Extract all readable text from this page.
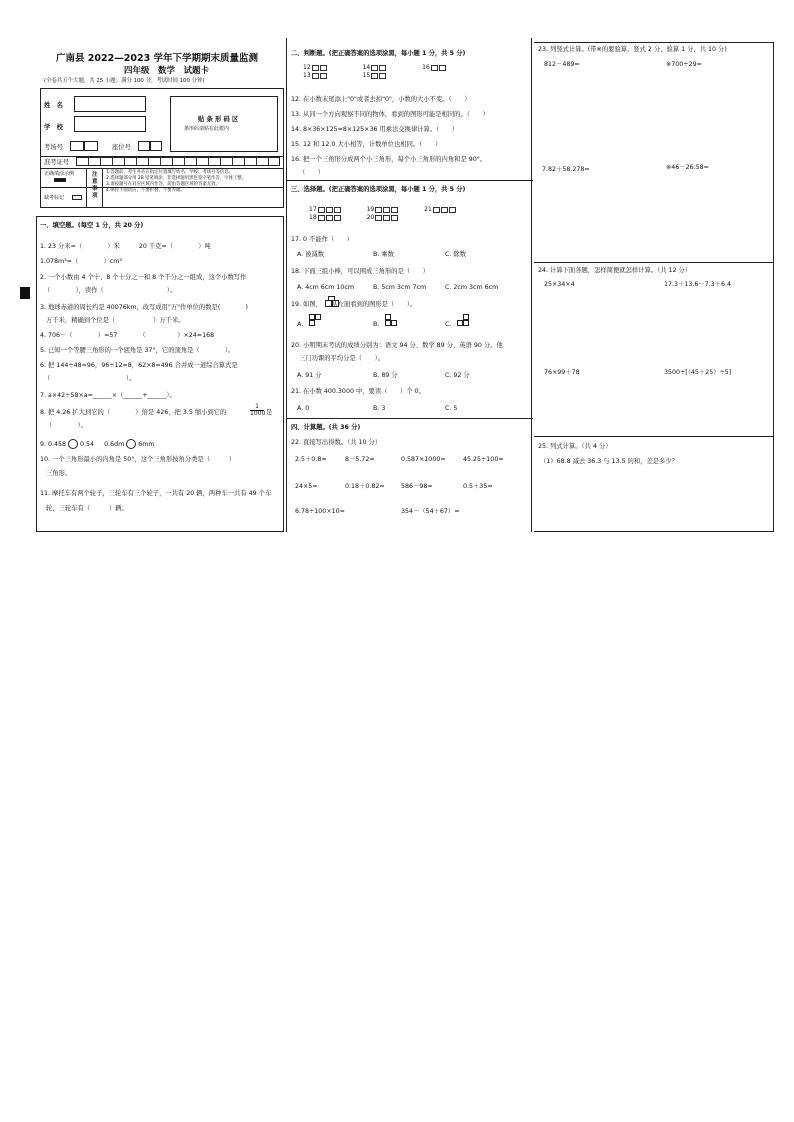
广南县 2022—2023 学年下学期期末质量监测
四年级　数学　试题卡
(全卷共五个大题，共 25 小题；满分 100 分，考试时间 100 分钟)
姓　名
学　校
贴 条 形 码 区
条形码请贴在此框内
考场号	座位号
准考证号
正确填涂示例	注 意 事 项
1.答题前，考生务必在指定位置填写姓名、学校、考场号等信息。
2.选择题部分用 2B 铅笔填涂，非选择题用黑色签字笔作答，字体工整。
3.请按题号在对应区域内作答，超出答题区域的答案无效。
4.保持卡面清洁，不要折叠，不要弄破。
缺考标记
一、填空题。(每空 1 分，共 20 分)
1. 23 分米=（　　　　）米　　　20 千克=（　　　　）吨
1.078m³=（　　　　）cm³
2. 一个小数由 4 个十、8 个十分之一和 8 个千分之一组成，这个小数写作
（　　　　），读作（　　　　　　　　　　）。
3. 地球赤道的周长约是 40076km，改写成用"万"作单位的数是(　　　　)
万千米，精确到个位是（　　　　　　）万千米。
4. 706－（　　　　）=57　　　　（　　　　　）×24=168
5. 已知一个等腰三角形的一个底角是 37°，它的顶角是（　　　　）。
6. 把 144÷48=96，96÷12=8，62×8=496 合并成一道综合算式是
（　　　　　　　　　　　　）。
7. a×42÷58×a=______×（______+______）。
8. 把 4.26 扩大到它的（　　　　）倍是 426，把 3.5 缩小到它的	$\frac{1}{1000}$ 是
（　　　　）。
9. 0.458 0.54 0.6dm 6mm
10. 一个三角形最小的内角是 50°，这个三角形按角分类是（　　　）
三角形。
11. 摩托车有两个轮子，三轮车有三个轮子，一共有 20 辆，两种车一共有 49 个车
轮，三轮车有（　　　）辆。
二、判断题。(把正确答案的选项涂黑，每小题 1 分，共 5 分)
12	14	16
13	15
12. 在小数末尾添上"0"或者去掉"0"，小数的大小不变。（　　）
13. 从同一个方向观察不同的物体，看到的图形可能是相同的。（　　）
14. 8×36×125=8×125×36 用乘法交换律计算。（　　）
15. 12 和 12.0 大小相等，计数单位也相同。（　　）
16. 把一个三角形分成两个小三角形，每个小三角形的内角和是 90°。
（　　）
三、选择题。(把正确答案的选项涂黑，每小题 1 分，共 5 分)
17	19	21
18	20
17. 0 不能作（　　）
A. 被减数	B. 乘数	C. 除数
18. 下面三组小棒，可以围成三角形的是（　　）
A. 4cm 6cm 10cm	B. 5cm 3cm 7cm	C. 2cm 3cm 6cm
19. 如图，　　从左面看到的图形是（　　）。
A.	B.	C.
20. 小明期末考试的成绩分别为：语文 94 分、数学 89 分、英语 90 分。他
三门功课的平均分是（　　）。
A. 91 分	B. 89 分	C. 92 分
21. 在小数 400.3000 中，要读（　　）个 0。
A. 0	B. 3	C. 5
四、计算题。(共 36 分)
22. 直接写出得数。（共 10 分）
2.5＋0.8=	8－5.72=	0.587×1000=	45.25÷100=
24×5=	0.18＋0.82=	586－98=	0.5＋35=
6.78÷100×10=	354－（54＋67）=
23. 列竖式计算。(带※的要验算，竖式 2 分，验算 1 分，共 10 分)
812－489=	※700÷29=
7.82＋58.278=	※46－26.58=
24. 计算下面各题，怎样简便就怎样计算。（共 12 分）
25×34×4	17.3＋13.6－7.3＋6.4
76×99＋78	3500÷[（45＋25）÷5]
25. 列式计算。（共 4 分）
（1）68.8 减去 36.3 与 13.5 的和，差是多少？
